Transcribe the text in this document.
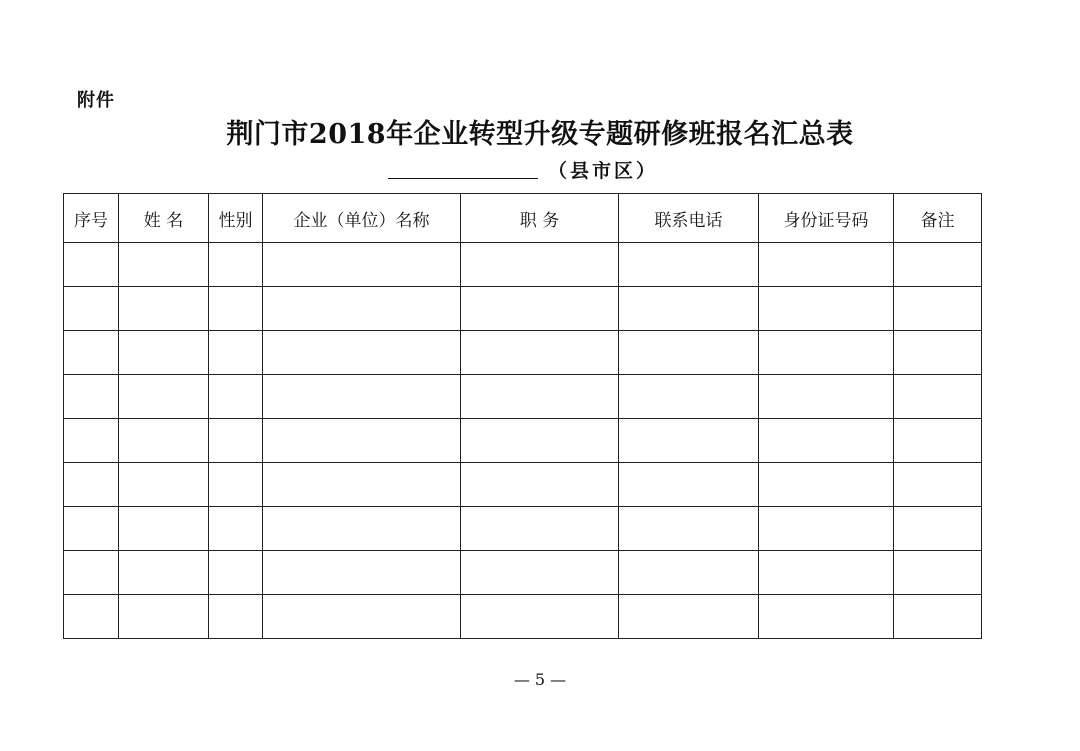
附件
荆门市2018年企业转型升级专题研修班报名汇总表
（县市区）
序号	姓 名	性别	企业（单位）名称	职 务	联系电话	身份证号码	备注

— 5 —
